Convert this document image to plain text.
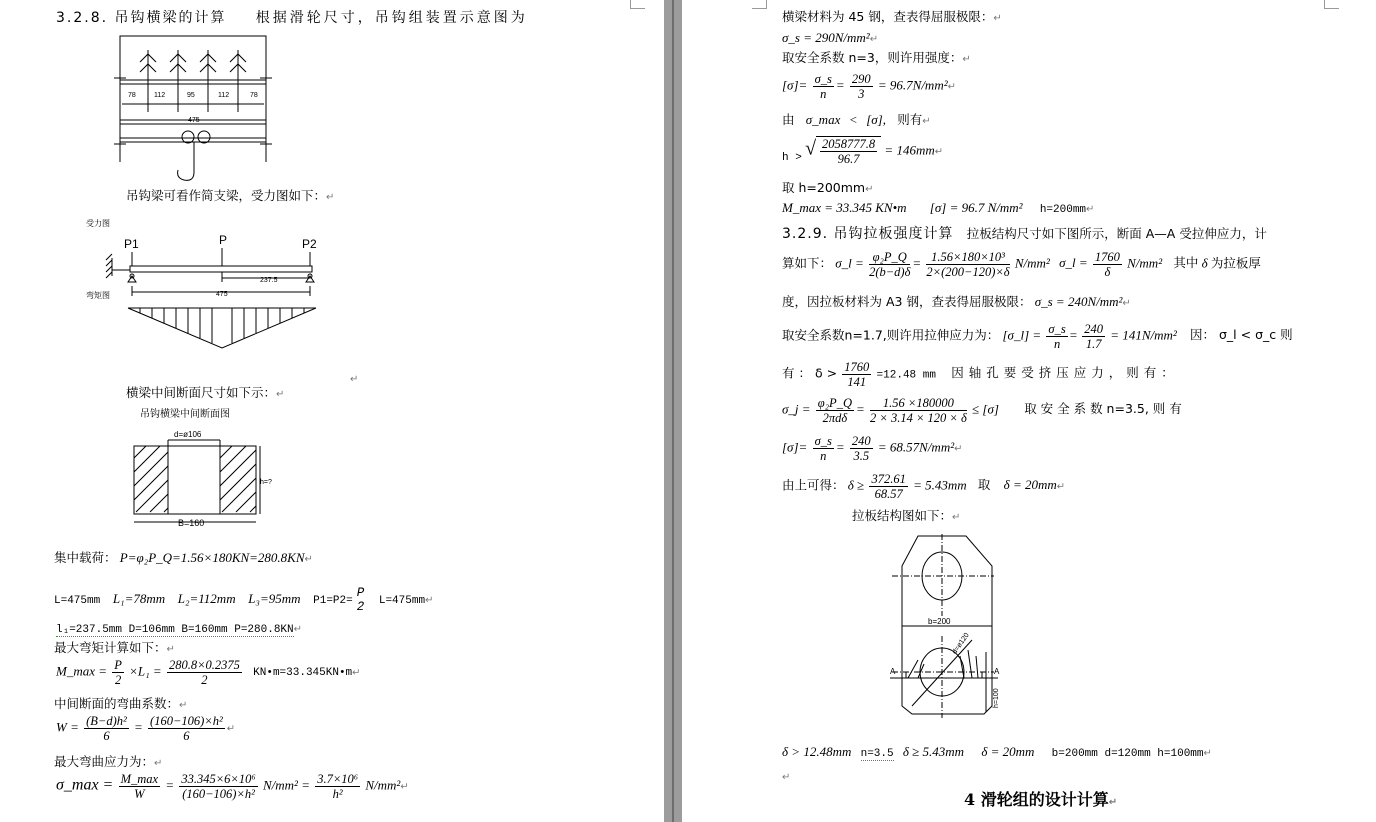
3.2.8. 吊钩横梁的计算 根据滑轮尺寸，吊钩组装置示意图为
78	112	95	112	78
475
吊钩梁可看作简支梁，受力图如下：↵
受力图
P1	P	P2
237.5
475
弯矩图
↵
横梁中间断面尺寸如下示：↵
吊钩横梁中间断面图
d=ø106
h=?
B=160
集中载荷： P=φ₂P_Q=1.56×180KN=280.8KN↵
L=475mm L₁=78mm L₂=112mm L₃=95mm P1=P2=
P
2 L=475mm↵
l₁=237.5mm D=106mm B=160mm P=280.8KN↵
最大弯矩计算如下：↵
M_max = $\frac{P}{2} \times L_1 = \frac{280.8\times 0.2375}{2}$ KN•m=33.345KN•m↵
中间断面的弯曲系数：↵
$W = \frac{\text{(B−d)h²}}{6} = \frac{\text{(160−106)×h²}}{6}$ ↵
最大弯曲应力为：↵
σ_max = $\frac{M\_\max}{W} = \frac{\text{33.345×6×10⁶}}{\text{(160−106)×h²}} N/mm^2 = \frac{\text{3.7×10⁶}}{\text{h²}}$ N/mm²↵
横梁材料为 45 钢，查表得屈服极限：↵
σ_s = 290N/mm²↵
取安全系数 n=3，则许用强度：↵
$[\sigma]= \frac{\sigma\_s}{n} = \frac{290}{3}$ = 96.7N/mm²↵
由 σ_max < [σ], 则有↵
h > √ $\frac{2058777.8}{96.7}$ = 146mm↵
取 h=200mm↵
M_max = 33.345 KN•m [σ] = 96.7 N/mm² h=200mm↵
3.2.9. 吊钩拉板强度计算 拉板结构尺寸如下图所示，断面 A—A 受拉伸应力，计
算如下： σ_l = $\frac{\text{φ₂P\_Q}}{2(b-d)\delta} = \frac{\text{1.56×180×10³}}{2\times(200-120)\times\delta} N/mm^2$ σ_l = $\frac{1760}{\delta} N/mm^2$ 其中 δ 为拉板厚
度，因拉板材料为 A3 钢，查表得屈服极限： σ_s = 240N/mm²↵
取安全系数n=1.7,则许用拉伸应力为： [σ_l] = $\frac{\sigma\_s}{n} = \frac{240}{1.7} = 141N/mm^2$ 因： σ_l < σ_c 则
有 ： $\delta > \frac{1760}{141} =12.48$ mm 因轴孔要受挤压应力，则有：
σ_j = $\frac{\text{φ₂P\_Q}}{\text{2πdδ}} = \frac{1.56 \times 180000}{2 \times 3.14 \times 120 \times \delta} \le [\sigma]$ 取 安 全 系 数 n=3.5, 则 有
$[\sigma]= \frac{\sigma\_s}{n} = \frac{240}{3.5}$ = 68.57N/mm²↵
由上可得： $\delta \ge \frac{372.61}{68.57} = 5.43mm$ 取 δ = 20mm↵
拉板结构图如下：↵
b=200
d=ø120
A	A
h=100
δ > 12.48mm n=3.5 δ ≥ 5.43mm δ = 20mm b=200mm d=120mm h=100mm↵
↵
4 滑轮组的设计计算↵
